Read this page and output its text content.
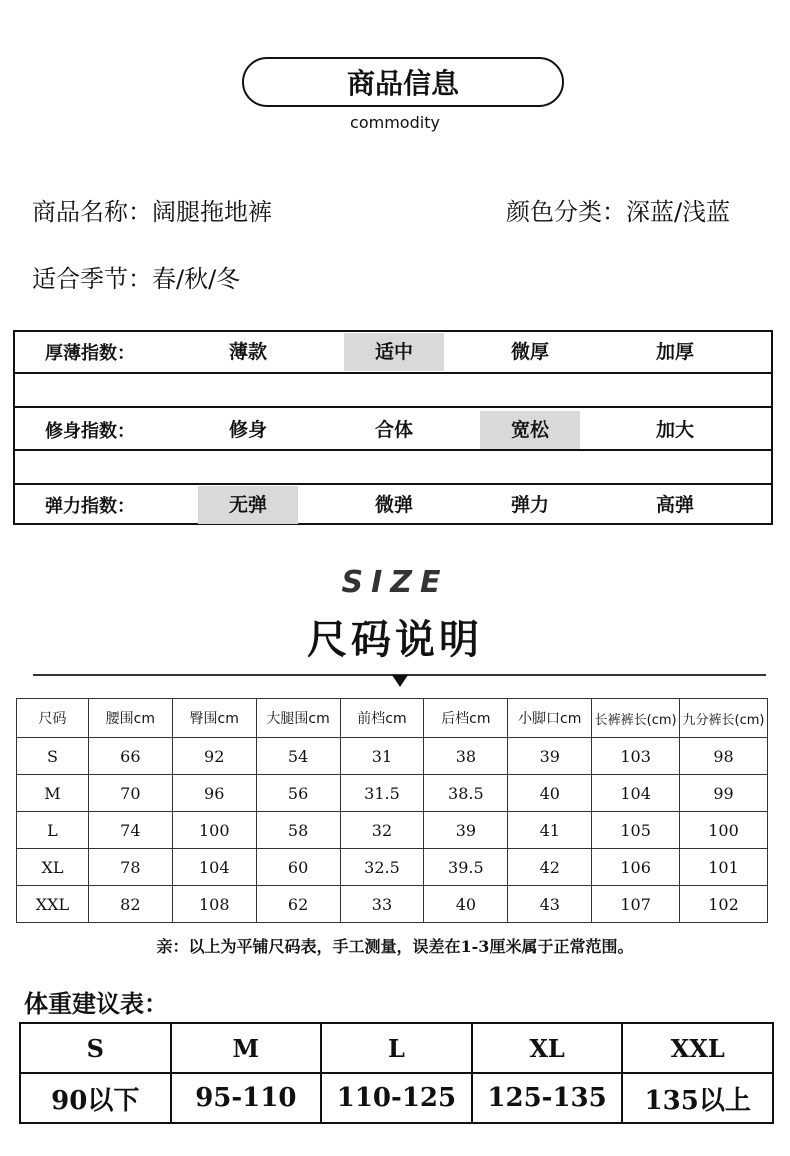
商品信息
commodity
商品名称：阔腿拖地裤	颜色分类：深蓝/浅蓝
适合季节：春/秋/冬
厚薄指数：	薄款	适中	微厚	加厚
修身指数：	修身	合体	宽松	加大
弹力指数：	无弹	微弹	弹力	高弹
SIZE
尺码说明
尺码	腰围cm	臀围cm	大腿围cm	前档cm	后档cm	小脚口cm	长裤裤长(cm)	九分裤长(cm)
S	66	92	54	31	38	39	103	98
M	70	96	56	31.5	38.5	40	104	99
L	74	100	58	32	39	41	105	100
XL	78	104	60	32.5	39.5	42	106	101
XXL	82	108	62	33	40	43	107	102
亲：以上为平铺尺码表，手工测量，误差在1-3厘米属于正常范围。
体重建议表：
S	M	L	XL	XXL
90以下	95-110	110-125	125-135	135以上
